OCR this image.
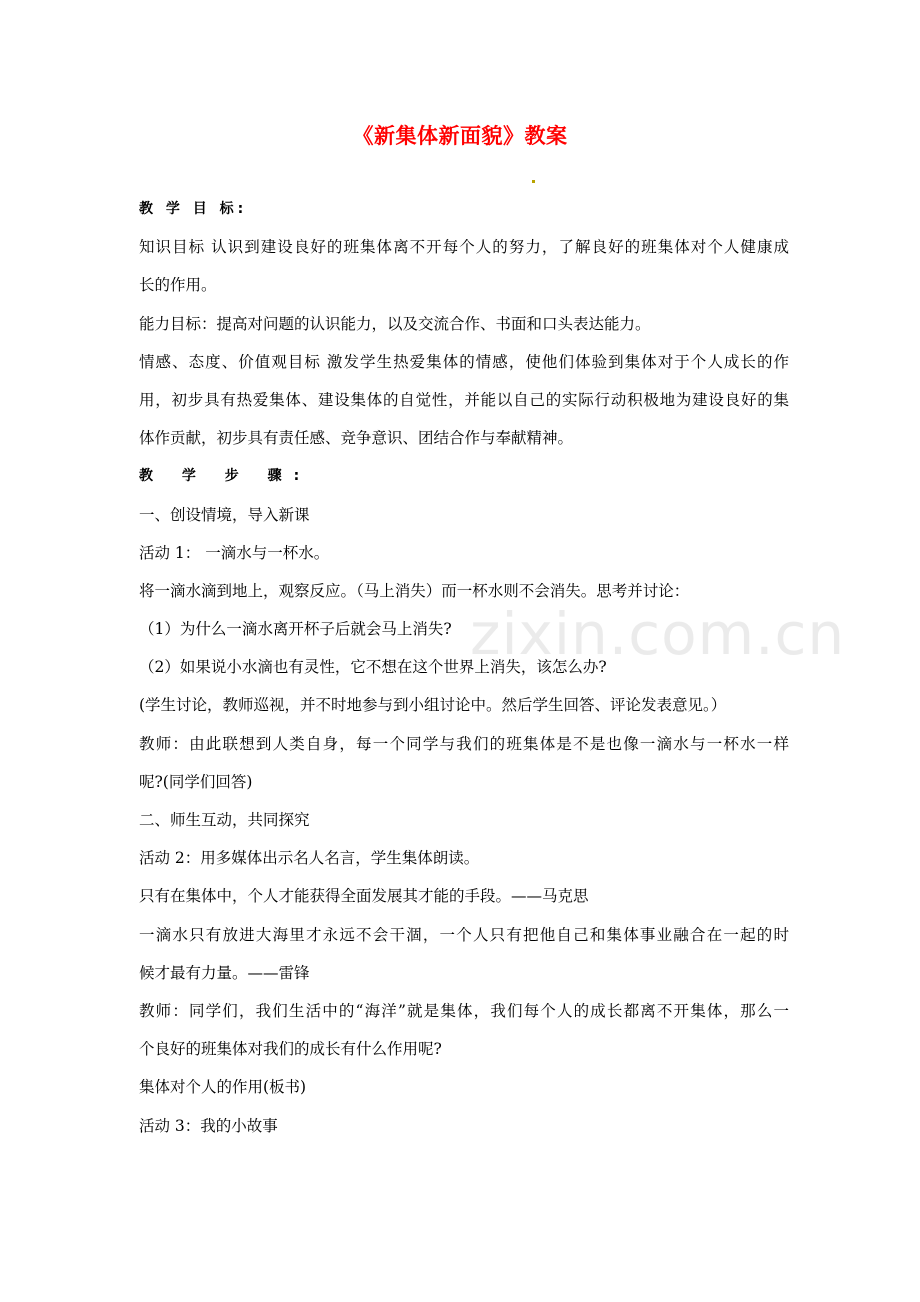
zixin.com.cn
《新集体新面貌》教案
教 学 目 标:
知识目标 认识到建设良好的班集体离不开每个人的努力，了解良好的班集体对个人健康成
长的作用。
能力目标：提高对问题的认识能力，以及交流合作、书面和口头表达能力。
情感、态度、价值观目标 激发学生热爱集体的情感，使他们体验到集体对于个人成长的作
用，初步具有热爱集体、建设集体的自觉性，并能以自己的实际行动积极地为建设良好的集
体作贡献，初步具有责任感、竞争意识、团结合作与奉献精神。
教 学 步 骤:
一、创设情境，导入新课
活动 1： 一滴水与一杯水。
将一滴水滴到地上，观察反应。（马上消失）而一杯水则不会消失。思考并讨论：
（1）为什么一滴水离开杯子后就会马上消失?
（2）如果说小水滴也有灵性，它不想在这个世界上消失，该怎么办?
(学生讨论，教师巡视，并不时地参与到小组讨论中。然后学生回答、评论发表意见。）
教师：由此联想到人类自身，每一个同学与我们的班集体是不是也像一滴水与一杯水一样
呢?(同学们回答)
二、师生互动，共同探究
活动 2：用多媒体出示名人名言，学生集体朗读。
只有在集体中，个人才能获得全面发展其才能的手段。——马克思
一滴水只有放进大海里才永远不会干涸，一个人只有把他自己和集体事业融合在一起的时
候才最有力量。——雷锋
教师：同学们，我们生活中的“海洋”就是集体，我们每个人的成长都离不开集体，那么一
个良好的班集体对我们的成长有什么作用呢?
集体对个人的作用(板书)
活动 3：我的小故事
